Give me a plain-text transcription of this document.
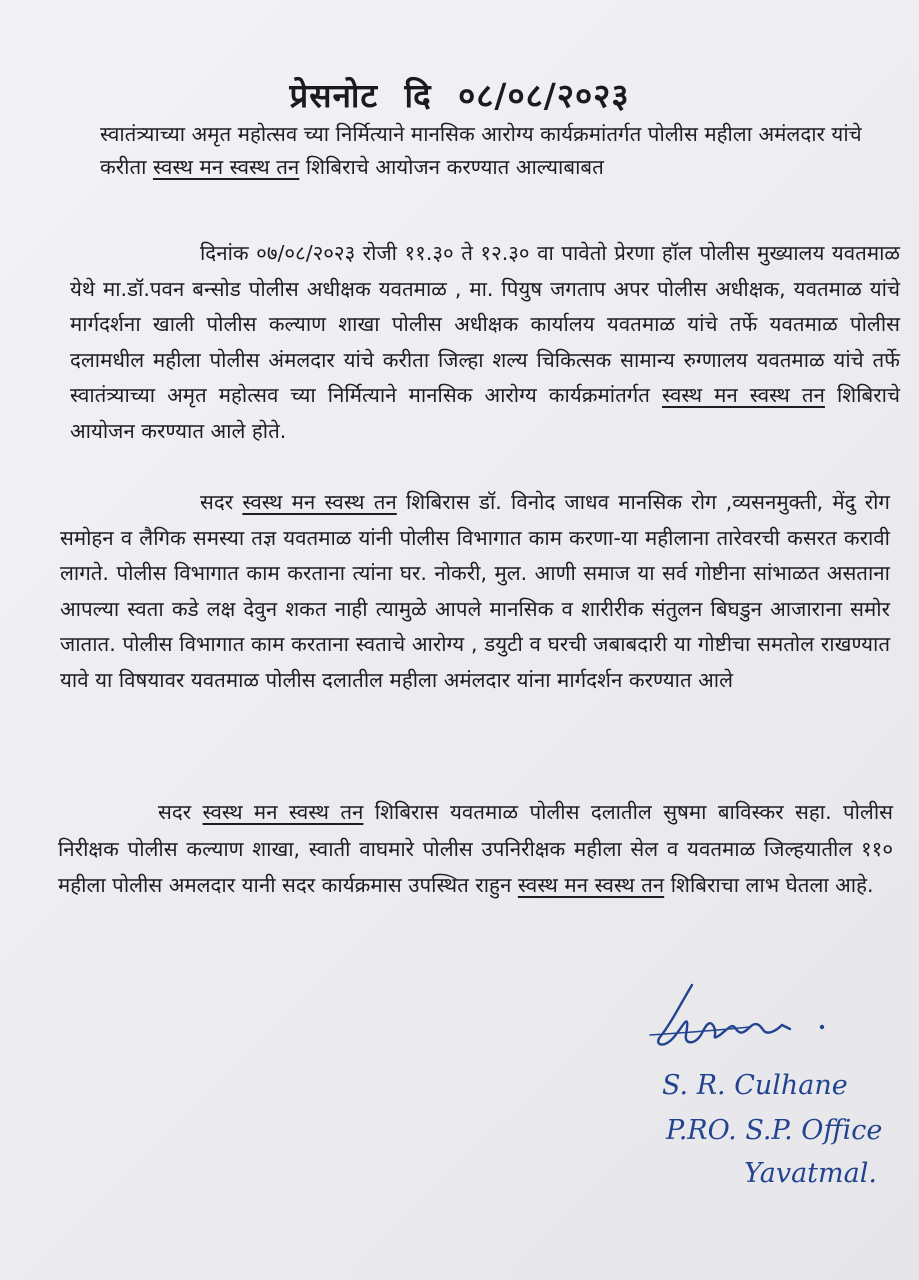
प्रेसनोट दि ०८/०८/२०२३
स्वातंत्र्याच्या अमृत महोत्सव च्या निर्मित्याने मानसिक आरोग्य कार्यक्रमांतर्गत पोलीस महीला अमंलदार यांचे करीता स्वस्थ मन स्वस्थ तन शिबिराचे आयोजन करण्यात आल्याबाबत
दिनांक ०७/०८/२०२३ रोजी ११.३० ते १२.३० वा पावेतो प्रेरणा हॉल पोलीस मुख्यालय यवतमाळ येथे मा.डॉ.पवन बन्सोड पोलीस अधीक्षक यवतमाळ , मा. पियुष जगताप अपर पोलीस अधीक्षक, यवतमाळ यांचे मार्गदर्शना खाली पोलीस कल्याण शाखा पोलीस अधीक्षक कार्यालय यवतमाळ यांचे तर्फे यवतमाळ पोलीस दलामधील महीला पोलीस अंमलदार यांचे करीता जिल्हा शल्य चिकित्सक सामान्य रुग्णालय यवतमाळ यांचे तर्फे स्वातंत्र्याच्या अमृत महोत्सव च्या निर्मित्याने मानसिक आरोग्य कार्यक्रमांतर्गत स्वस्थ मन स्वस्थ तन शिबिराचे आयोजन करण्यात आले होते.
सदर स्वस्थ मन स्वस्थ तन शिबिरास डॉ. विनोद जाधव मानसिक रोग ,व्यसनमुक्ती, मेंदु रोग समोहन व लैगिक समस्या तज्ञ यवतमाळ यांनी पोलीस विभागात काम करणा-या महीलाना तारेवरची कसरत करावी लागते. पोलीस विभागात काम करताना त्यांना घर. नोकरी, मुल. आणी समाज या सर्व गोष्टीना सांभाळत असताना आपल्या स्वता कडे लक्ष देवुन शकत नाही त्यामुळे आपले मानसिक व शारीरीक संतुलन बिघडुन आजाराना समोर जातात. पोलीस विभागात काम करताना स्वताचे आरोग्य , डयुटी व घरची जबाबदारी या गोष्टीचा समतोल राखण्यात यावे या विषयावर यवतमाळ पोलीस दलातील महीला अमंलदार यांना मार्गदर्शन करण्यात आले
सदर स्वस्थ मन स्वस्थ तन शिबिरास यवतमाळ पोलीस दलातील सुषमा बाविस्कर सहा. पोलीस निरीक्षक पोलीस कल्याण शाखा, स्वाती वाघमारे पोलीस उपनिरीक्षक महीला सेल व यवतमाळ जिल्हयातील ११० महीला पोलीस अमलदार यानी सदर कार्यक्रमास उपस्थित राहुन स्वस्थ मन स्वस्थ तन शिबिराचा लाभ घेतला आहे.
S. R. Culhane
P.RO. S.P. Office
Yavatmal.
